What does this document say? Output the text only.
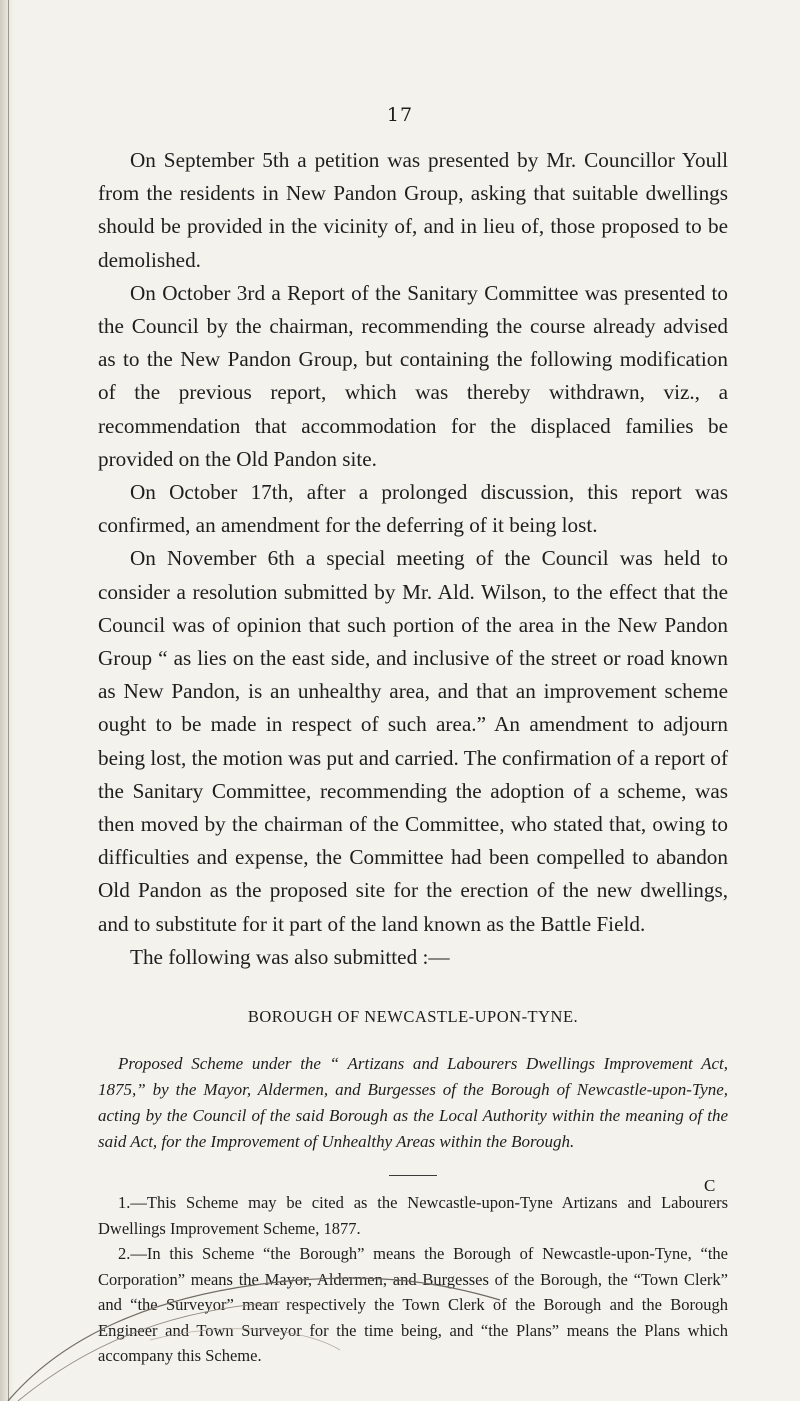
17

On September 5th a petition was presented by Mr. Councillor Youll from the residents in New Pandon Group, asking that suitable dwellings should be provided in the vicinity of, and in lieu of, those proposed to be demolished.

On October 3rd a Report of the Sanitary Committee was presented to the Council by the chairman, recommending the course already advised as to the New Pandon Group, but containing the following modification of the previous report, which was thereby withdrawn, viz., a recommendation that accommodation for the displaced families be provided on the Old Pandon site.

On October 17th, after a prolonged discussion, this report was confirmed, an amendment for the deferring of it being lost.

On November 6th a special meeting of the Council was held to consider a resolution submitted by Mr. Ald. Wilson, to the effect that the Council was of opinion that such portion of the area in the New Pandon Group “ as lies on the east side, and inclusive of the street or road known as New Pandon, is an unhealthy area, and that an improvement scheme ought to be made in respect of such area.” An amendment to adjourn being lost, the motion was put and carried. The confirmation of a report of the Sanitary Committee, recommending the adoption of a scheme, was then moved by the chairman of the Committee, who stated that, owing to difficulties and expense, the Committee had been compelled to abandon Old Pandon as the proposed site for the erection of the new dwellings, and to substitute for it part of the land known as the Battle Field.

The following was also submitted :—

BOROUGH OF NEWCASTLE-UPON-TYNE.

Proposed Scheme under the “ Artizans and Labourers Dwellings Improvement Act, 1875,” by the Mayor, Aldermen, and Burgesses of the Borough of Newcastle-upon-Tyne, acting by the Council of the said Borough as the Local Authority within the meaning of the said Act, for the Improvement of Unhealthy Areas within the Borough.

1.—This Scheme may be cited as the Newcastle-upon-Tyne Artizans and Labourers Dwellings Improvement Scheme, 1877.

2.—In this Scheme “the Borough” means the Borough of Newcastle-upon-Tyne, “the Corporation” means the Mayor, Aldermen, and Burgesses of the Borough, the “Town Clerk” and “the Surveyor” mean respectively the Town Clerk of the Borough and the Borough Engineer and Town Surveyor for the time being, and “the Plans” means the Plans which accompany this Scheme.

C
